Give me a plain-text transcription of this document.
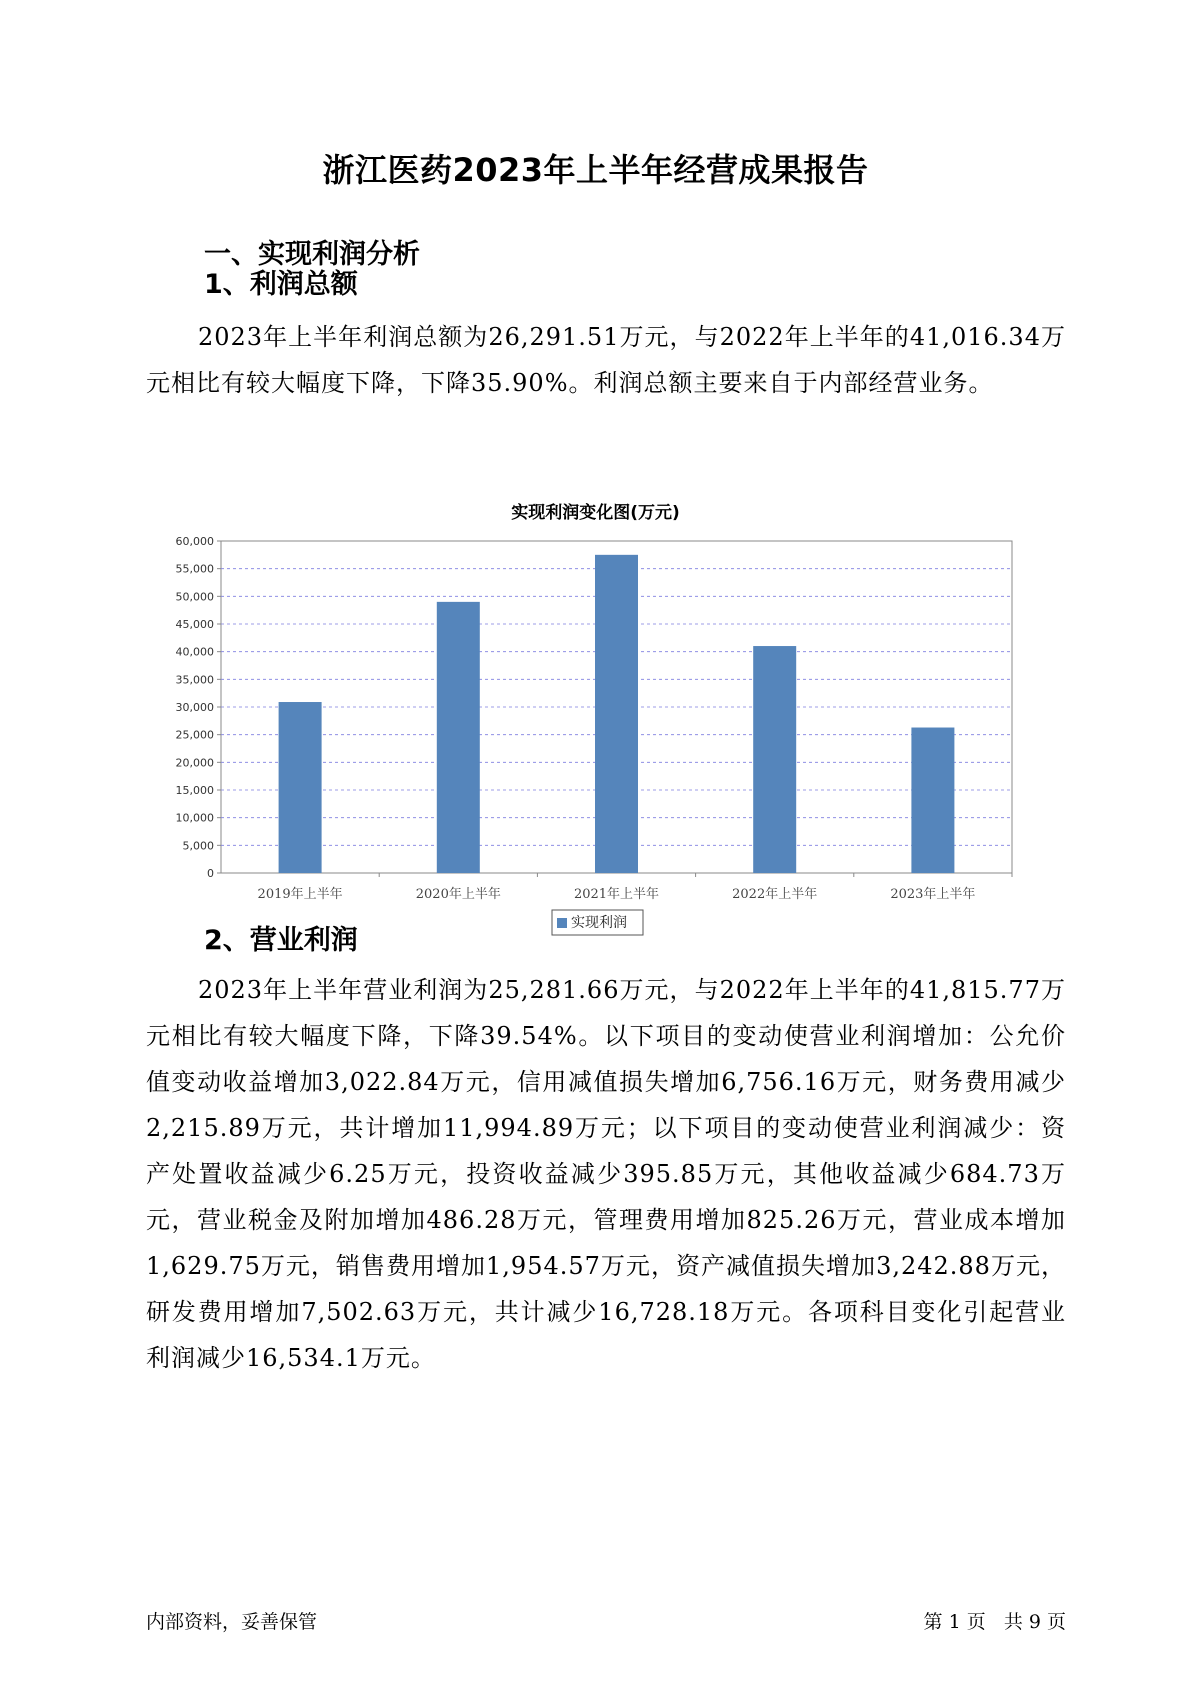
浙江医药2023年上半年经营成果报告
一、实现利润分析
1、利润总额

2023年上半年利润总额为26,291.51万元，与2022年上半年的41,016.34万元相比有较大幅度下降，下降35.90%。利润总额主要来自于内部经营业务。

实现利润变化图(万元)
0
5,000
10,000
15,000
20,000
25,000
30,000
35,000
40,000
45,000
50,000
55,000
60,000
2019年上半年	2020年上半年	2021年上半年	2022年上半年	2023年上半年
实现利润
2、营业利润

2023年上半年营业利润为25,281.66万元，与2022年上半年的41,815.77万元相比有较大幅度下降，下降39.54%。以下项目的变动使营业利润增加：公允价值变动收益增加3,022.84万元，信用减值损失增加6,756.16万元，财务费用减少2,215.89万元，共计增加11,994.89万元；以下项目的变动使营业利润减少：资产处置收益减少6.25万元，投资收益减少395.85万元，其他收益减少684.73万元，营业税金及附加增加486.28万元，管理费用增加825.26万元，营业成本增加1,629.75万元，销售费用增加1,954.57万元，资产减值损失增加3,242.88万元，研发费用增加7,502.63万元，共计减少16,728.18万元。各项科目变化引起营业利润减少16,534.1万元。

内部资料，妥善保管	第 1 页   共 9 页
